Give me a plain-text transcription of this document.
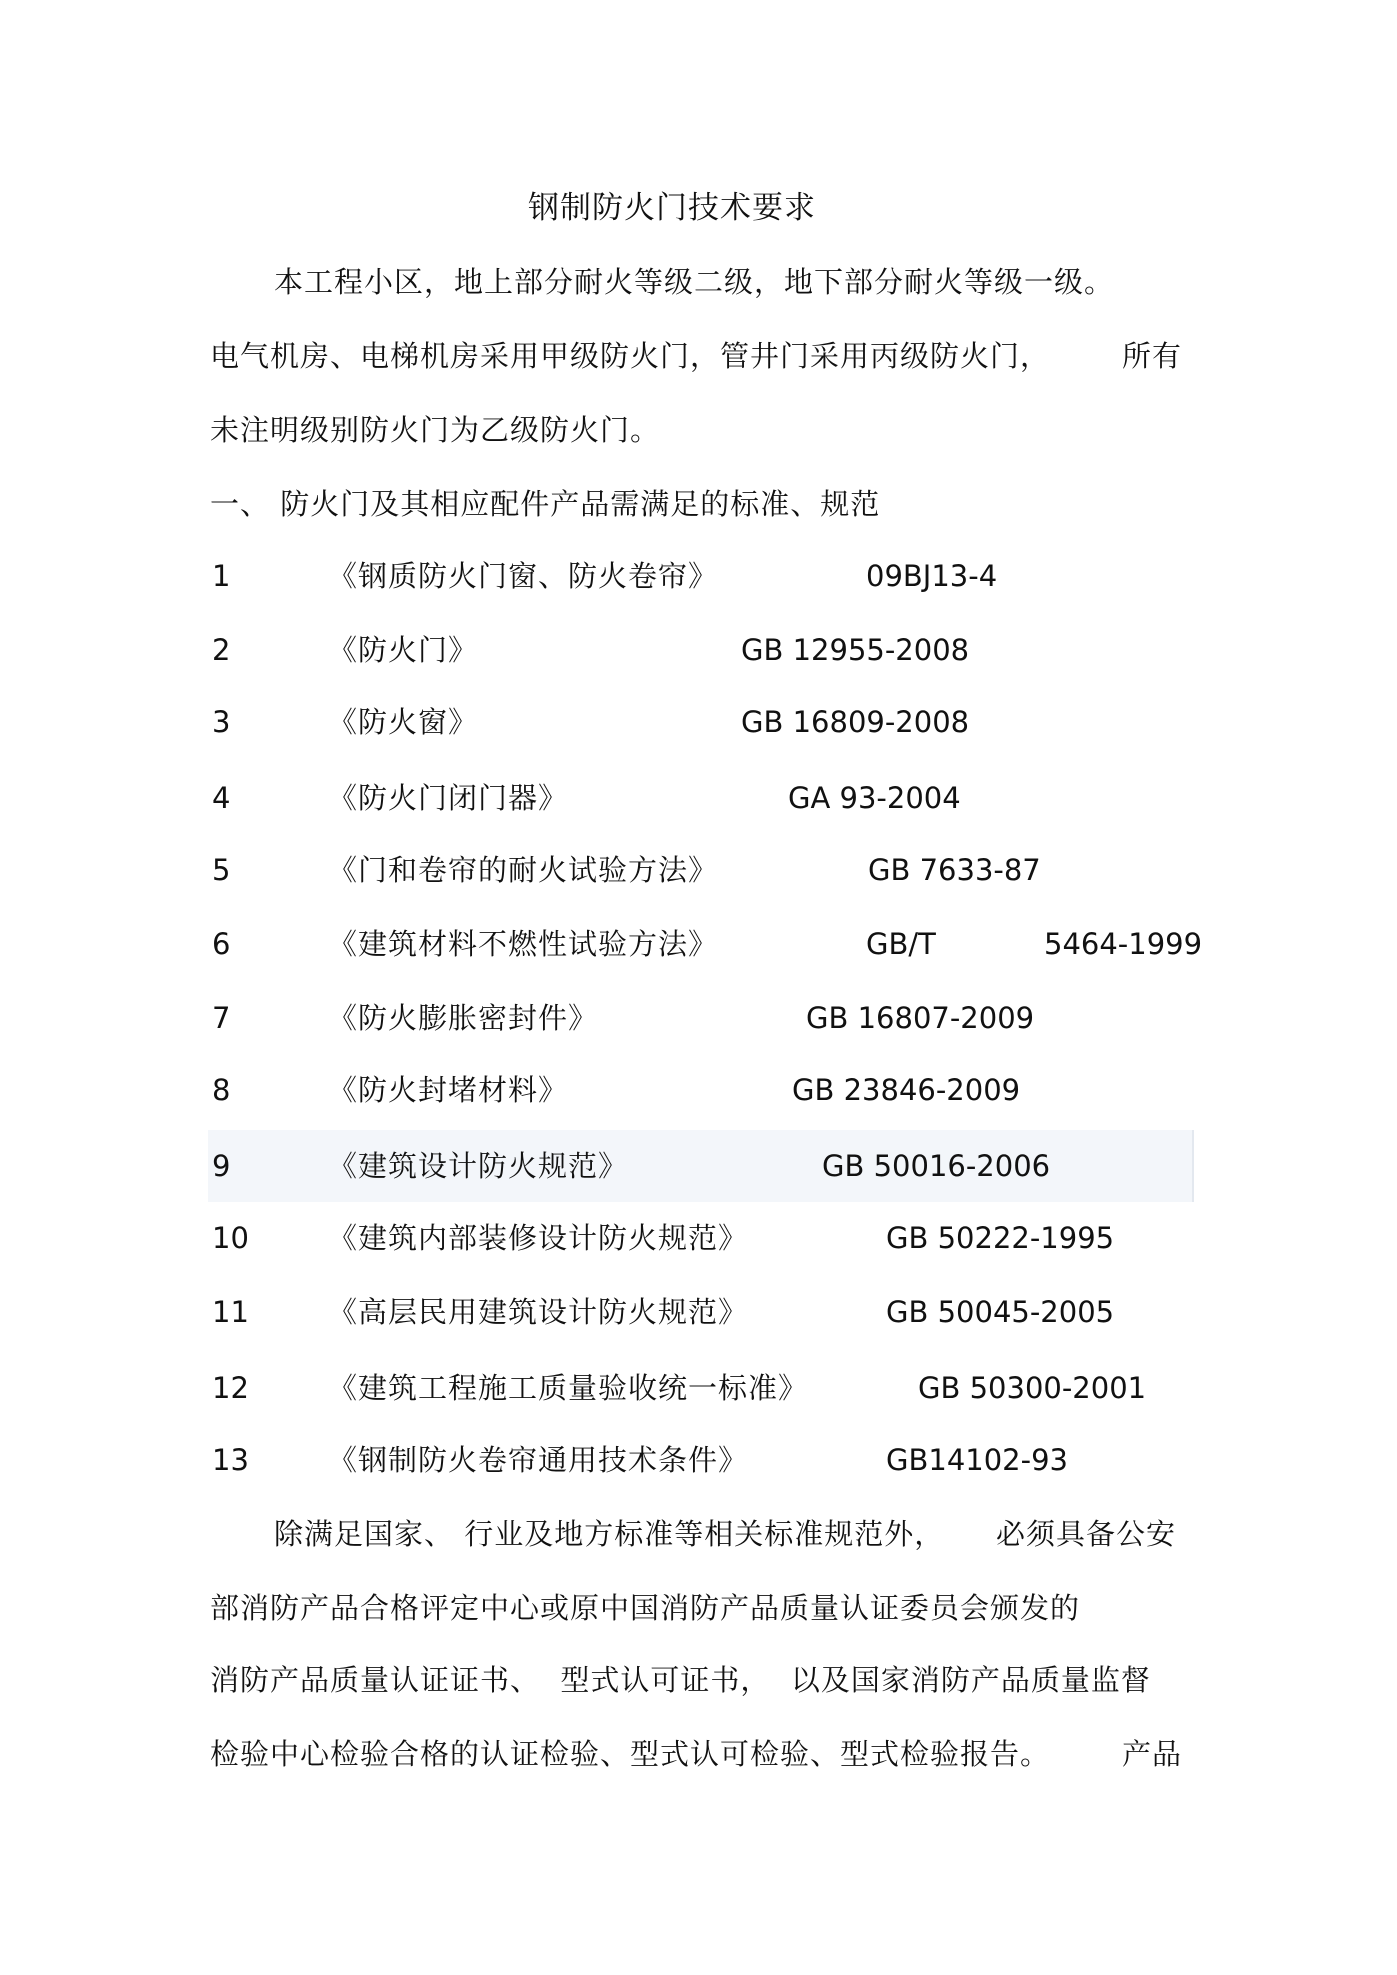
钢制防火门技术要求
本工程小区，地上部分耐火等级二级，地下部分耐火等级一级。
电气机房、电梯机房采用甲级防火门，管井门采用丙级防火门， 所有
未注明级别防火门为乙级防火门。
一、 防火门及其相应配件产品需满足的标准、规范
1	《钢质防火门窗、防火卷帘》	09BJ13-4
2	《防火门》	GB 12955-2008
3	《防火窗》	GB 16809-2008
4	《防火门闭门器》	GA 93-2004
5	《门和卷帘的耐火试验方法》	GB 7633-87
6	《建筑材料不燃性试验方法》	GB/T	5464-1999
7	《防火膨胀密封件》	GB 16807-2009
8	《防火封堵材料》	GB 23846-2009
9	《建筑设计防火规范》	GB 50016-2006
10	《建筑内部装修设计防火规范》	GB 50222-1995
11	《高层民用建筑设计防火规范》	GB 50045-2005
12	《建筑工程施工质量验收统一标准》	GB 50300-2001
13	《钢制防火卷帘通用技术条件》	GB14102-93
除满足国家、 行业及地方标准等相关标准规范外， 必须具备公安
部消防产品合格评定中心或原中国消防产品质量认证委员会颁发的
消防产品质量认证证书、  型式认可证书，  以及国家消防产品质量监督
检验中心检验合格的认证检验、型式认可检验、型式检验报告。 产品
